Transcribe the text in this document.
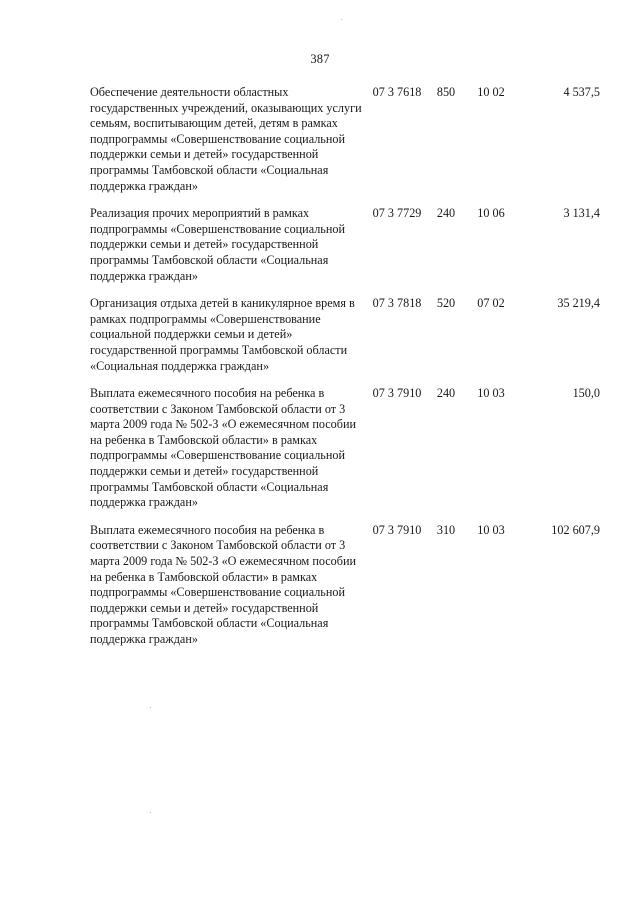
387
Обеспечение деятельности областных государственных учреждений, оказывающих услуги семьям, воспитывающим детей, детям в рамках подпрограммы «Совершенствование социальной поддержки семьи и детей» государственной программы Тамбовской области «Социальная поддержка граждан»	07 3 7618	850	10 02	4 537,5
Реализация прочих мероприятий в рамках подпрограммы «Совершенствование социальной поддержки семьи и детей» государственной программы Тамбовской области «Социальная поддержка граждан»	07 3 7729	240	10 06	3 131,4
Организация отдыха детей в каникулярное время в рамках подпрограммы «Совершенствование социальной поддержки семьи и детей» государственной программы Тамбовской области «Социальная поддержка граждан»	07 3 7818	520	07 02	35 219,4
Выплата ежемесячного пособия на ребенка в соответствии с Законом Тамбовской области от 3 марта 2009 года № 502-З «О ежемесячном пособии на ребенка в Тамбовской области» в рамках подпрограммы «Совершенствование социальной поддержки семьи и детей» государственной программы Тамбовской области «Социальная поддержка граждан»	07 3 7910	240	10 03	150,0
Выплата ежемесячного пособия на ребенка в соответствии с Законом Тамбовской области от 3 марта 2009 года № 502-З «О ежемесячном пособии на ребенка в Тамбовской области» в рамках подпрограммы «Совершенствование социальной поддержки семьи и детей» государственной программы Тамбовской области «Социальная поддержка граждан»	07 3 7910	310	10 03	102 607,9
